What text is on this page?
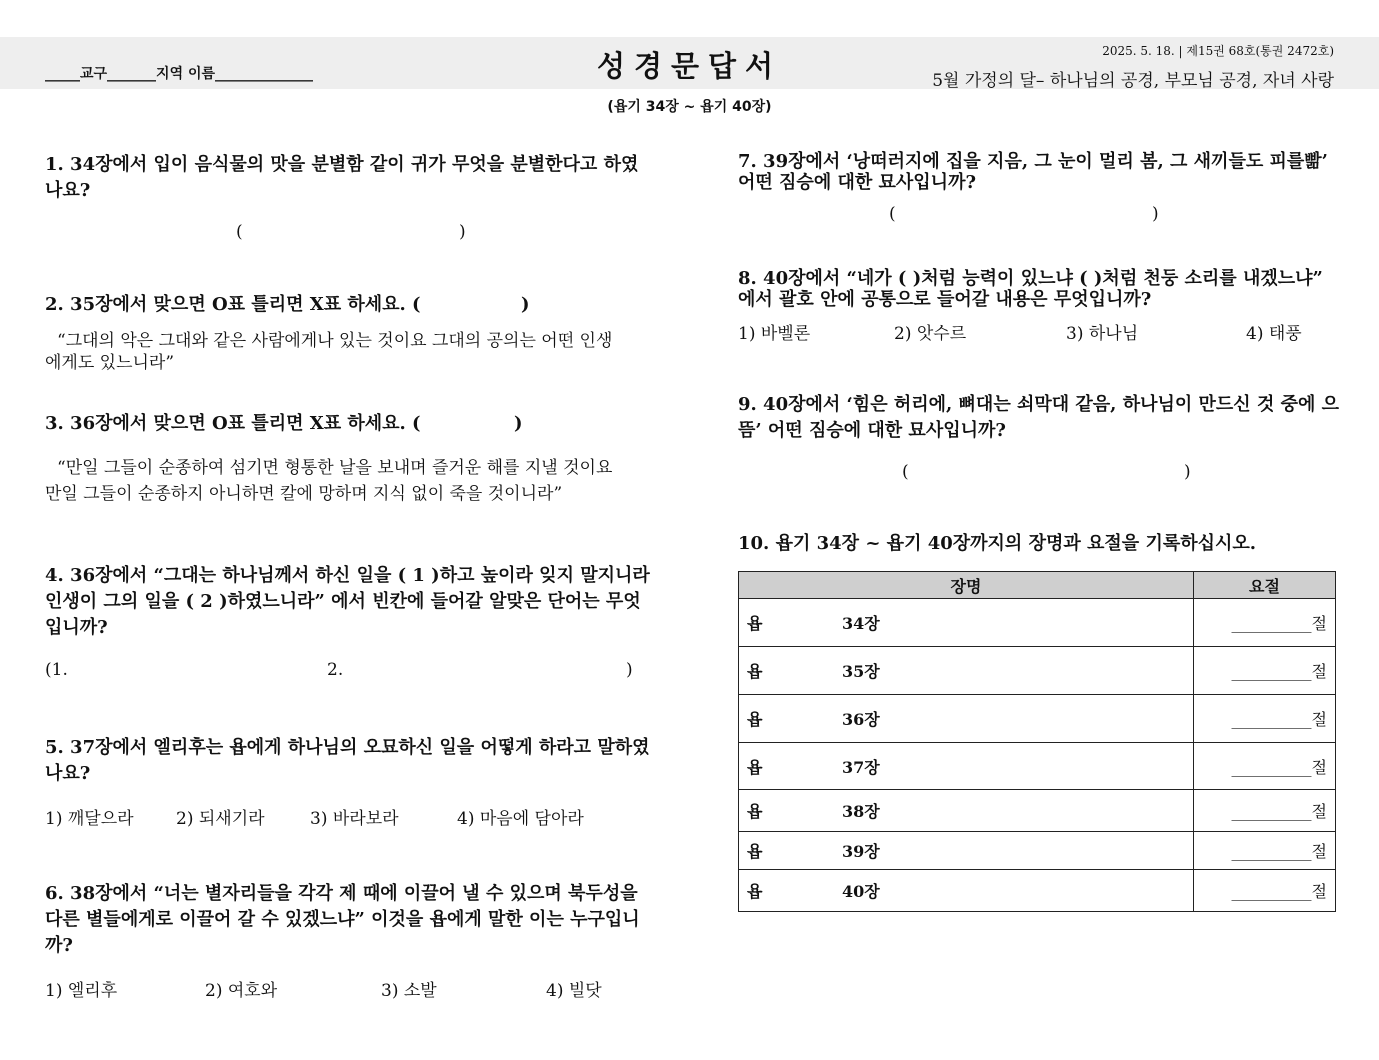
_____교구_______지역 이름______________	성경문답서	2025. 5. 18. | 제15권 68호(통권 2472호)
5월 가정의 달– 하나님의 공경, 부모님 공경, 자녀 사랑
(욥기 34장 ~ 욥기 40장)
1. 34장에서 입이 음식물의 맛을 분별함 같이 귀가 무엇을 분별한다고 하였
나요?
(	)
2. 35장에서 맞으면 O표 틀리면 X표 하세요. (	)
“그대의 악은 그대와 같은 사람에게나 있는 것이요 그대의 공의는 어떤 인생
에게도 있느니라”
3. 36장에서 맞으면 O표 틀리면 X표 하세요. (	)
“만일 그들이 순종하여 섬기면 형통한 날을 보내며 즐거운 해를 지낼 것이요
만일 그들이 순종하지 아니하면 칼에 망하며 지식 없이 죽을 것이니라”
4. 36장에서 “그대는 하나님께서 하신 일을 ( 1 )하고 높이라 잊지 말지니라
인생이 그의 일을 ( 2 )하였느니라” 에서 빈칸에 들어갈 알맞은 단어는 무엇
입니까?
(1.	2.	)
5. 37장에서 엘리후는 욥에게 하나님의 오묘하신 일을 어떻게 하라고 말하였
나요?
1) 깨달으라	2) 되새기라	3) 바라보라	4) 마음에 담아라
6. 38장에서 “너는 별자리들을 각각 제 때에 이끌어 낼 수 있으며 북두성을
다른 별들에게로 이끌어 갈 수 있겠느냐” 이것을 욥에게 말한 이는 누구입니
까?
1) 엘리후	2) 여호와	3) 소발	4) 빌닷
7. 39장에서 ‘낭떠러지에 집을 지음, 그 눈이 멀리 봄, 그 새끼들도 피를빪’
어떤 짐승에 대한 묘사입니까?
(	)
8. 40장에서 “네가 ( )처럼 능력이 있느냐 ( )처럼 천둥 소리를 내겠느냐”
에서 괄호 안에 공통으로 들어갈 내용은 무엇입니까?
1) 바벨론	2) 앗수르	3) 하나님	4) 태풍
9. 40장에서 ‘힘은 허리에, 뼈대는 쇠막대 같음, 하나님이 만드신 것 중에 으
뜸’ 어떤 짐승에 대한 묘사입니까?
(	)
10. 욥기 34장 ~ 욥기 40장까지의 장명과 요절을 기록하십시오.
장명	요절
욥 34장	__________절
욥 35장	__________절
욥 36장	__________절
욥 37장	__________절
욥 38장	__________절
욥 39장	__________절
욥 40장	__________절
